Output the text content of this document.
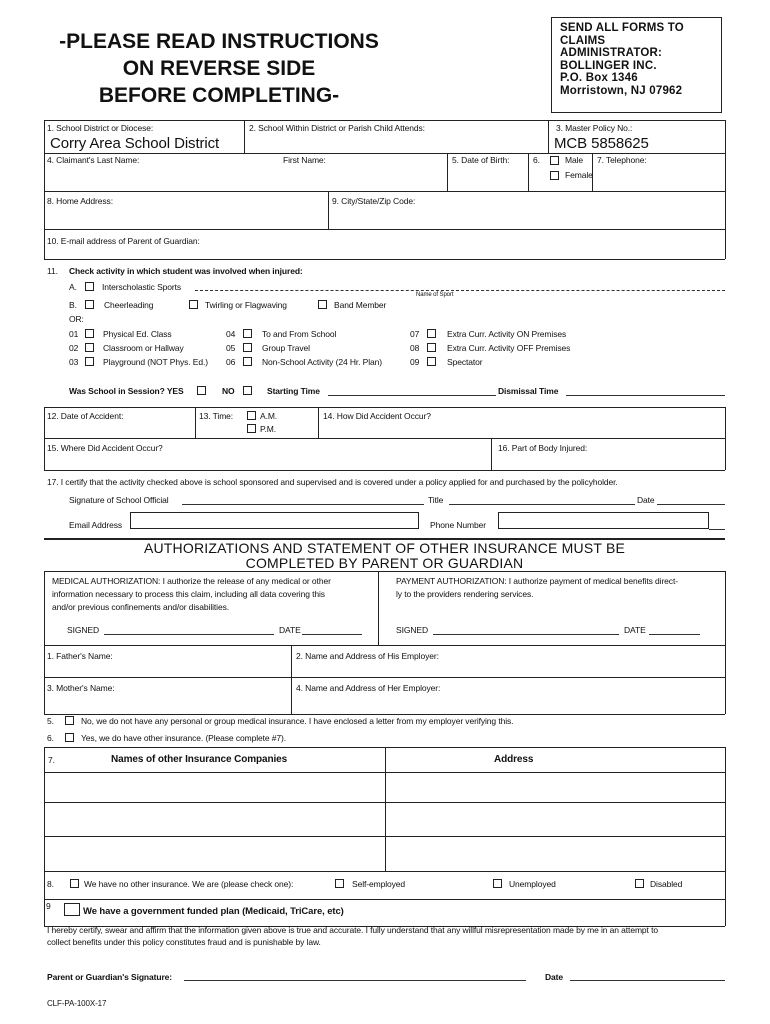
-PLEASE READ INSTRUCTIONS
ON REVERSE SIDE
BEFORE COMPLETING-
SEND ALL FORMS TO
CLAIMS
ADMINISTRATOR:
BOLLINGER INC.
P.O. Box 1346
Morristown, NJ 07962
1. School District or Diocese:
Corry Area School District
2. School Within District or Parish Child Attends:	3. Master Policy No.:
MCB 5858625
4. Claimant's Last Name:	First Name:	5. Date of Birth:	6.	Male
Female
7. Telephone:
8. Home Address:	9. City/State/Zip Code:
10. E-mail address of Parent of Guardian:
11. Check activity in which student was involved when injured:
A.	Interscholastic Sports
Name of Sport
B.	Cheerleading	Twirling or Flagwaving	Band Member
OR:
01	Physical Ed. Class
02	Classroom or Hallway
03	Playground (NOT Phys. Ed.)
04	To and From School
05	Group Travel
06	Non-School Activity (24 Hr. Plan)
07	Extra Curr. Activity ON Premises
08	Extra Curr. Activity OFF Premises
09	Spectator
Was School in Session? YES	NO	Starting Time	Dismissal Time
12. Date of Accident:	13. Time:	A.M.
P.M.
14. How Did Accident Occur?
15. Where Did Accident Occur?	16. Part of Body Injured:
17. I certify that the activity checked above is school sponsored and supervised and is covered under a policy applied for and purchased by the policyholder.
Signature of School Official	Title	Date
Email Address	Phone Number
AUTHORIZATIONS AND STATEMENT OF OTHER INSURANCE MUST BE
COMPLETED BY PARENT OR GUARDIAN
MEDICAL AUTHORIZATION: I authorize the release of any medical or other
information necessary to process this claim, including all data covering this
and/or previous confinements and/or disabilities.
PAYMENT AUTHORIZATION: I authorize payment of medical benefits direct-
ly to the providers rendering services.
SIGNED	DATE	SIGNED	DATE
1. Father's Name:	2. Name and Address of His Employer:
3. Mother's Name:	4. Name and Address of Her Employer:
5.	No, we do not have any personal or group medical insurance. I have enclosed a letter from my employer verifying this.
6.	Yes, we do have other insurance. (Please complete #7).
7.	Names of other Insurance Companies	Address
8.	We have no other insurance. We are (please check one):	Self-employed	Unemployed	Disabled
9	We have a government funded plan (Medicaid, TriCare, etc)
I hereby certify, swear and affirm that the information given above is true and accurate. I fully understand that any willful misrepresentation made by me in an attempt to
collect benefits under this policy constitutes fraud and is punishable by law.
Parent or Guardian's Signature:	Date
CLF-PA-100X-17
